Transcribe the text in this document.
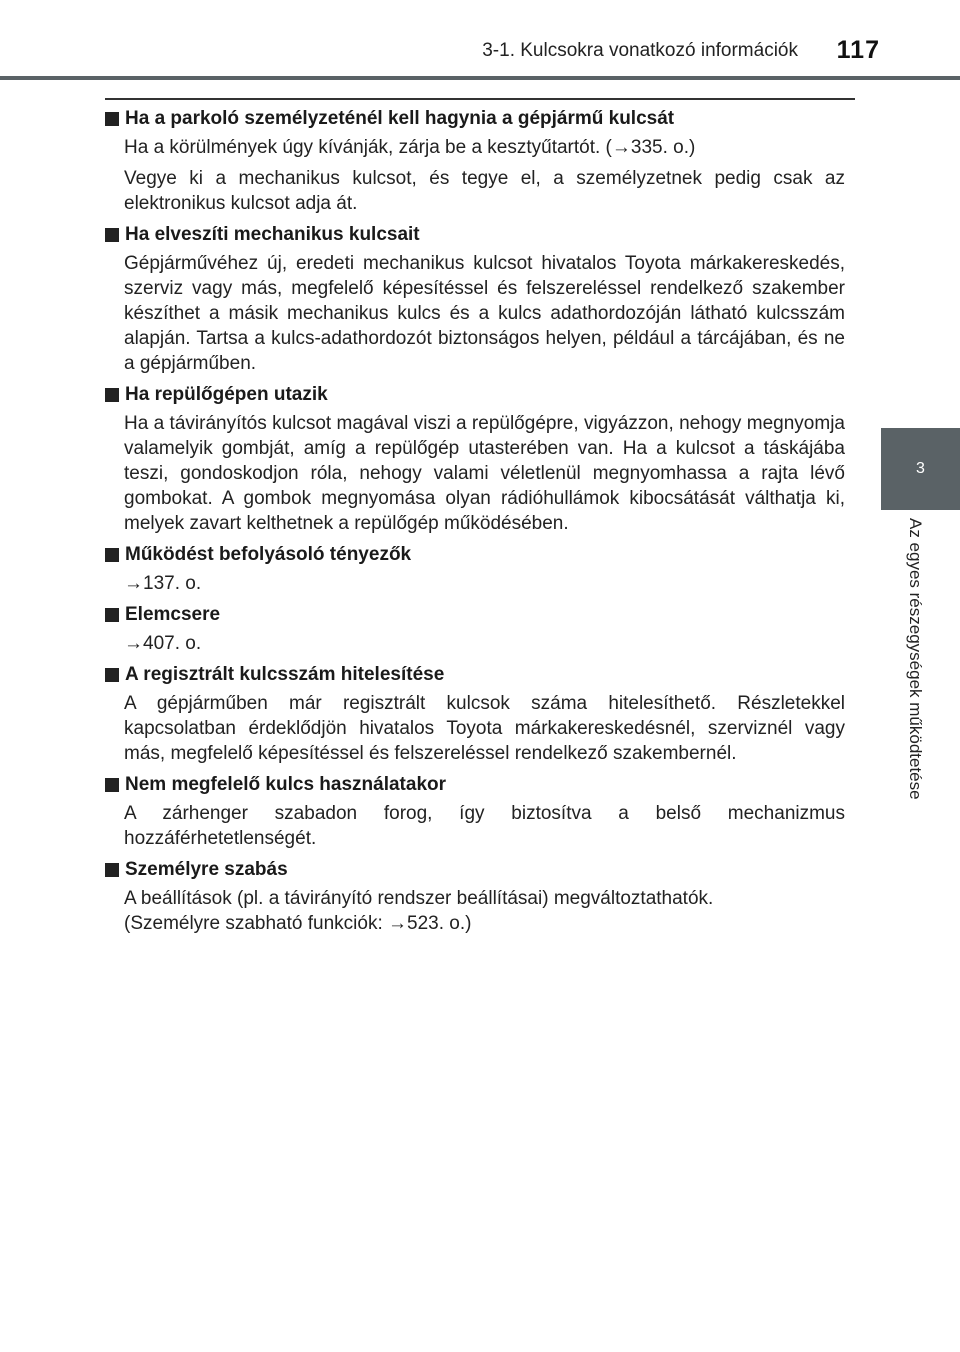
3-1. Kulcsokra vonatkozó információk 117
3
Az egyes részegységek működtetése
Ha a parkoló személyzeténél kell hagynia a gépjármű kulcsát
Ha a körülmények úgy kívánják, zárja be a kesztyűtartót. (→335. o.)
Vegye ki a mechanikus kulcsot, és tegye el, a személyzetnek pedig csak az elektronikus kulcsot adja át.
Ha elveszíti mechanikus kulcsait
Gépjárművéhez új, eredeti mechanikus kulcsot hivatalos Toyota márkakereskedés, szerviz vagy más, megfelelő képesítéssel és felszereléssel rendelkező szakember készíthet a másik mechanikus kulcs és a kulcs adathordozóján látható kulcsszám alapján. Tartsa a kulcs-adathordozót biztonságos helyen, például a tárcájában, és ne a gépjárműben.
Ha repülőgépen utazik
Ha a távirányítós kulcsot magával viszi a repülőgépre, vigyázzon, nehogy megnyomja valamelyik gombját, amíg a repülőgép utasterében van. Ha a kulcsot a táskájába teszi, gondoskodjon róla, nehogy valami véletlenül megnyomhassa a rajta lévő gombokat. A gombok megnyomása olyan rádióhullámok kibocsátását válthatja ki, melyek zavart kelthetnek a repülőgép működésében.
Működést befolyásoló tényezők
→137. o.
Elemcsere
→407. o.
A regisztrált kulcsszám hitelesítése
A gépjárműben már regisztrált kulcsok száma hitelesíthető. Részletekkel kapcsolatban érdeklődjön hivatalos Toyota márkakereskedésnél, szerviznél vagy más, megfelelő képesítéssel és felszereléssel rendelkező szakembernél.
Nem megfelelő kulcs használatakor
A zárhenger szabadon forog, így biztosítva a belső mechanizmus hozzáférhetetlenségét.
Személyre szabás
A beállítások (pl. a távirányító rendszer beállításai) megváltoztathatók.
(Személyre szabható funkciók: →523. o.)
